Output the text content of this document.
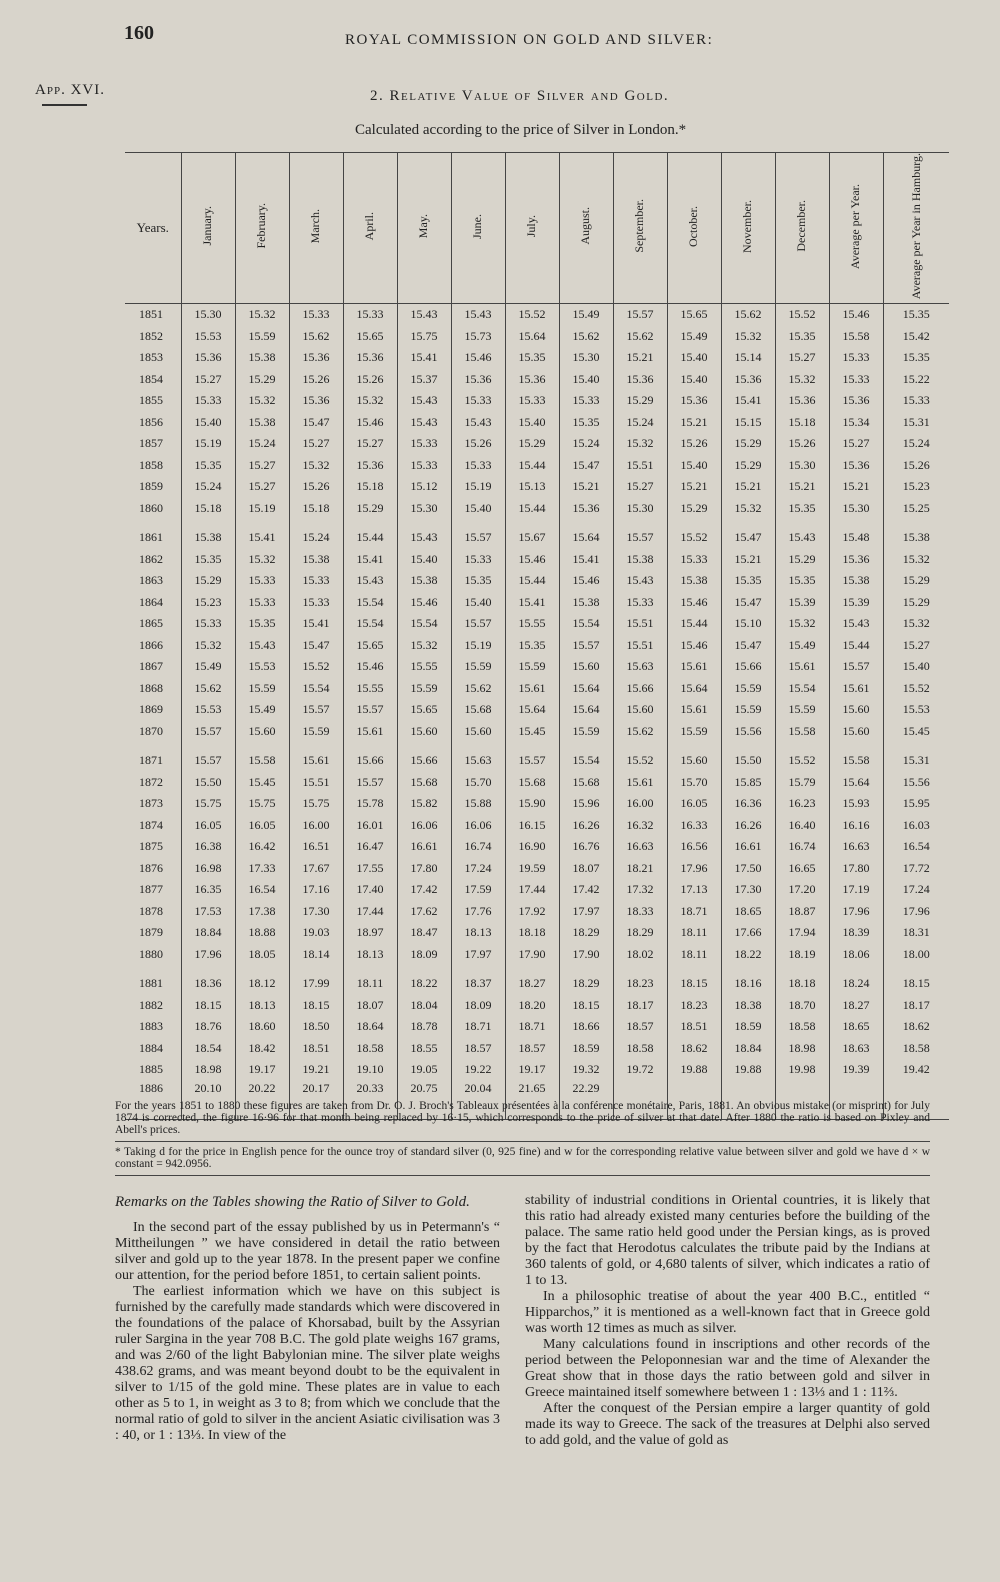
160	ROYAL COMMISSION ON GOLD AND SILVER:
App. XVI.	2. Relative Value of Silver and Gold.
Calculated according to the price of Silver in London.*
Years.	January.	February.	March.	April.	May.	June.	July.	August.	September.	October.	November.	December.	Average per Year.	Average per Year in Hamburg.
1851	15.30	15.32	15.33	15.33	15.43	15.43	15.52	15.49	15.57	15.65	15.62	15.52	15.46	15.35
1852	15.53	15.59	15.62	15.65	15.75	15.73	15.64	15.62	15.62	15.49	15.32	15.35	15.58	15.42
1853	15.36	15.38	15.36	15.36	15.41	15.46	15.35	15.30	15.21	15.40	15.14	15.27	15.33	15.35
1854	15.27	15.29	15.26	15.26	15.37	15.36	15.36	15.40	15.36	15.40	15.36	15.32	15.33	15.22
1855	15.33	15.32	15.36	15.32	15.43	15.33	15.33	15.33	15.29	15.36	15.41	15.36	15.36	15.33
1856	15.40	15.38	15.47	15.46	15.43	15.43	15.40	15.35	15.24	15.21	15.15	15.18	15.34	15.31
1857	15.19	15.24	15.27	15.27	15.33	15.26	15.29	15.24	15.32	15.26	15.29	15.26	15.27	15.24
1858	15.35	15.27	15.32	15.36	15.33	15.33	15.44	15.47	15.51	15.40	15.29	15.30	15.36	15.26
1859	15.24	15.27	15.26	15.18	15.12	15.19	15.13	15.21	15.27	15.21	15.21	15.21	15.21	15.23
1860	15.18	15.19	15.18	15.29	15.30	15.40	15.44	15.36	15.30	15.29	15.32	15.35	15.30	15.25
1861	15.38	15.41	15.24	15.44	15.43	15.57	15.67	15.64	15.57	15.52	15.47	15.43	15.48	15.38
1862	15.35	15.32	15.38	15.41	15.40	15.33	15.46	15.41	15.38	15.33	15.21	15.29	15.36	15.32
1863	15.29	15.33	15.33	15.43	15.38	15.35	15.44	15.46	15.43	15.38	15.35	15.35	15.38	15.29
1864	15.23	15.33	15.33	15.54	15.46	15.40	15.41	15.38	15.33	15.46	15.47	15.39	15.39	15.29
1865	15.33	15.35	15.41	15.54	15.54	15.57	15.55	15.54	15.51	15.44	15.10	15.32	15.43	15.32
1866	15.32	15.43	15.47	15.65	15.32	15.19	15.35	15.57	15.51	15.46	15.47	15.49	15.44	15.27
1867	15.49	15.53	15.52	15.46	15.55	15.59	15.59	15.60	15.63	15.61	15.66	15.61	15.57	15.40
1868	15.62	15.59	15.54	15.55	15.59	15.62	15.61	15.64	15.66	15.64	15.59	15.54	15.61	15.52
1869	15.53	15.49	15.57	15.57	15.65	15.68	15.64	15.64	15.60	15.61	15.59	15.59	15.60	15.53
1870	15.57	15.60	15.59	15.61	15.60	15.60	15.45	15.59	15.62	15.59	15.56	15.58	15.60	15.45
1871	15.57	15.58	15.61	15.66	15.66	15.63	15.57	15.54	15.52	15.60	15.50	15.52	15.58	15.31
1872	15.50	15.45	15.51	15.57	15.68	15.70	15.68	15.68	15.61	15.70	15.85	15.79	15.64	15.56
1873	15.75	15.75	15.75	15.78	15.82	15.88	15.90	15.96	16.00	16.05	16.36	16.23	15.93	15.95
1874	16.05	16.05	16.00	16.01	16.06	16.06	16.15	16.26	16.32	16.33	16.26	16.40	16.16	16.03
1875	16.38	16.42	16.51	16.47	16.61	16.74	16.90	16.76	16.63	16.56	16.61	16.74	16.63	16.54
1876	16.98	17.33	17.67	17.55	17.80	17.24	19.59	18.07	18.21	17.96	17.50	16.65	17.80	17.72
1877	16.35	16.54	17.16	17.40	17.42	17.59	17.44	17.42	17.32	17.13	17.30	17.20	17.19	17.24
1878	17.53	17.38	17.30	17.44	17.62	17.76	17.92	17.97	18.33	18.71	18.65	18.87	17.96	17.96
1879	18.84	18.88	19.03	18.97	18.47	18.13	18.18	18.29	18.29	18.11	17.66	17.94	18.39	18.31
1880	17.96	18.05	18.14	18.13	18.09	17.97	17.90	17.90	18.02	18.11	18.22	18.19	18.06	18.00
1881	18.36	18.12	17.99	18.11	18.22	18.37	18.27	18.29	18.23	18.15	18.16	18.18	18.24	18.15
1882	18.15	18.13	18.15	18.07	18.04	18.09	18.20	18.15	18.17	18.23	18.38	18.70	18.27	18.17
1883	18.76	18.60	18.50	18.64	18.78	18.71	18.71	18.66	18.57	18.51	18.59	18.58	18.65	18.62
1884	18.54	18.42	18.51	18.58	18.55	18.57	18.57	18.59	18.58	18.62	18.84	18.98	18.63	18.58
1885	18.98	19.17	19.21	19.10	19.05	19.22	19.17	19.32	19.72	19.88	19.88	19.98	19.39	19.42
1886	20.10	20.22	20.17	20.33	20.75	20.04	21.65	22.29						
For the years 1851 to 1880 these figures are taken from Dr. O. J. Broch's Tableaux présentées à la conférence monétaire, Paris, 1881. An obvious mistake (or misprint) for July 1874 is corrected, the figure 16·96 for that month being replaced by 16·15, which corresponds to the price of silver at that date. After 1880 the ratio is based on Pixley and Abell's prices.
* Taking d for the price in English pence for the ounce troy of standard silver (0, 925 fine) and w for the corresponding relative value between silver and gold we have d × w constant = 942.0956.
Remarks on the Tables showing the Ratio of Silver to Gold.

In the second part of the essay published by us in Petermann's “ Mittheilungen ” we have considered in detail the ratio between silver and gold up to the year 1878. In the present paper we confine our attention, for the period before 1851, to certain salient points.

The earliest information which we have on this subject is furnished by the carefully made standards which were discovered in the foundations of the palace of Khorsabad, built by the Assyrian ruler Sargina in the year 708 B.C. The gold plate weighs 167 grams, and was 2/60 of the light Babylonian mine. The silver plate weighs 438.62 grams, and was meant beyond doubt to be the equivalent in silver to 1/15 of the gold mine. These plates are in value to each other as 5 to 1, in weight as 3 to 8; from which we conclude that the normal ratio of gold to silver in the ancient Asiatic civilisation was 3 : 40, or 1 : 13⅓. In view of the

stability of industrial conditions in Oriental countries, it is likely that this ratio had already existed many centuries before the building of the palace. The same ratio held good under the Persian kings, as is proved by the fact that Herodotus calculates the tribute paid by the Indians at 360 talents of gold, or 4,680 talents of silver, which indicates a ratio of 1 to 13.

In a philosophic treatise of about the year 400 B.C., entitled “ Hipparchos,” it is mentioned as a well-known fact that in Greece gold was worth 12 times as much as silver.

Many calculations found in inscriptions and other records of the period between the Peloponnesian war and the time of Alexander the Great show that in those days the ratio between gold and silver in Greece maintained itself somewhere between 1 : 13⅓ and 1 : 11⅔.

After the conquest of the Persian empire a larger quantity of gold made its way to Greece. The sack of the treasures at Delphi also served to add gold, and the value of gold as
